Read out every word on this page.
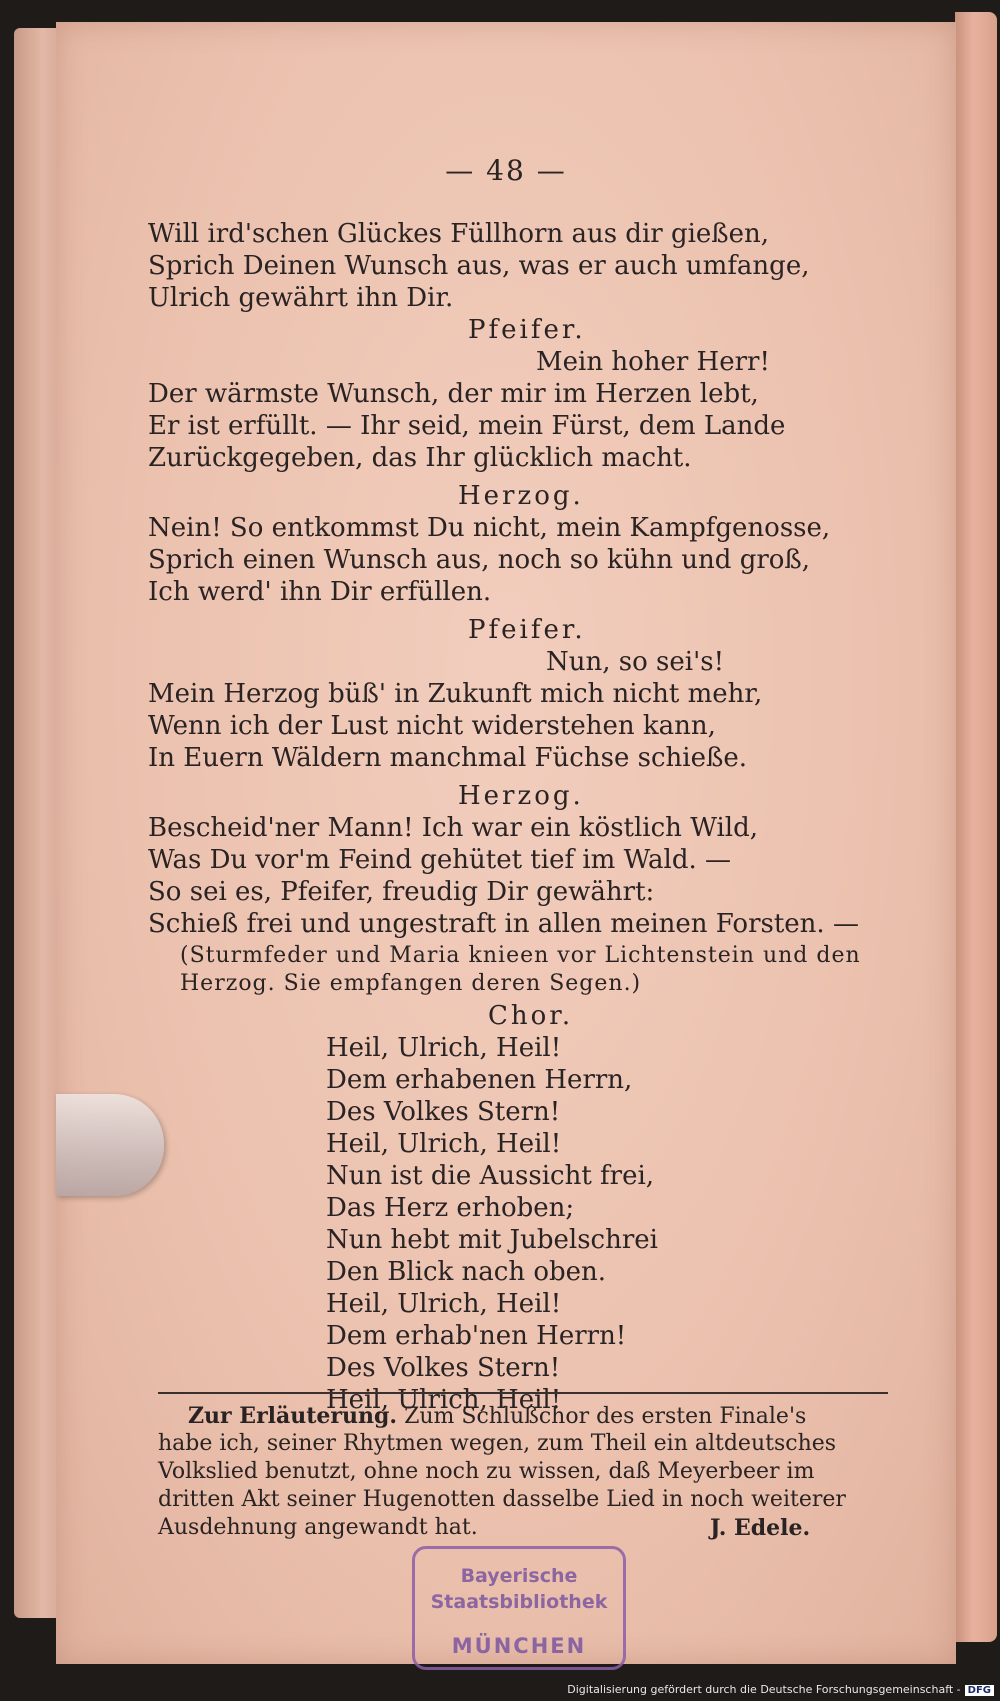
— 48 —
Will ird'schen Glückes Füllhorn aus dir gießen,
Sprich Deinen Wunsch aus, was er auch umfange,
Ulrich gewährt ihn Dir.
Pfeifer.
Mein hoher Herr!
Der wärmste Wunsch, der mir im Herzen lebt,
Er ist erfüllt. — Ihr seid, mein Fürst, dem Lande
Zurückgegeben, das Ihr glücklich macht.
Herzog.
Nein! So entkommst Du nicht, mein Kampfgenosse,
Sprich einen Wunsch aus, noch so kühn und groß,
Ich werd' ihn Dir erfüllen.
Pfeifer.
Nun, so sei's!
Mein Herzog büß' in Zukunft mich nicht mehr,
Wenn ich der Lust nicht widerstehen kann,
In Euern Wäldern manchmal Füchse schieße.
Herzog.
Bescheid'ner Mann! Ich war ein köstlich Wild,
Was Du vor'm Feind gehütet tief im Wald. —
So sei es, Pfeifer, freudig Dir gewährt:
Schieß frei und ungestraft in allen meinen Forsten. —
(Sturmfeder und Maria knieen vor Lichtenstein und den
Herzog. Sie empfangen deren Segen.)
Chor.
Heil, Ulrich, Heil!
Dem erhabenen Herrn,
Des Volkes Stern!
Heil, Ulrich, Heil!
Nun ist die Aussicht frei,
Das Herz erhoben;
Nun hebt mit Jubelschrei
Den Blick nach oben.
Heil, Ulrich, Heil!
Dem erhab'nen Herrn!
Des Volkes Stern!
Heil, Ulrich, Heil!
Zur Erläuterung. Zum Schlußchor des ersten Finale's
habe ich, seiner Rhytmen wegen, zum Theil ein altdeutsches
Volkslied benutzt, ohne noch zu wissen, daß Meyerbeer im
dritten Akt seiner Hugenotten dasselbe Lied in noch weiterer
Ausdehnung angewandt hat.	J. Edele.
Bayerische
Staatsbibliothek
MÜNCHEN
Digitalisierung gefördert durch die Deutsche Forschungsgemeinschaft - DFG
